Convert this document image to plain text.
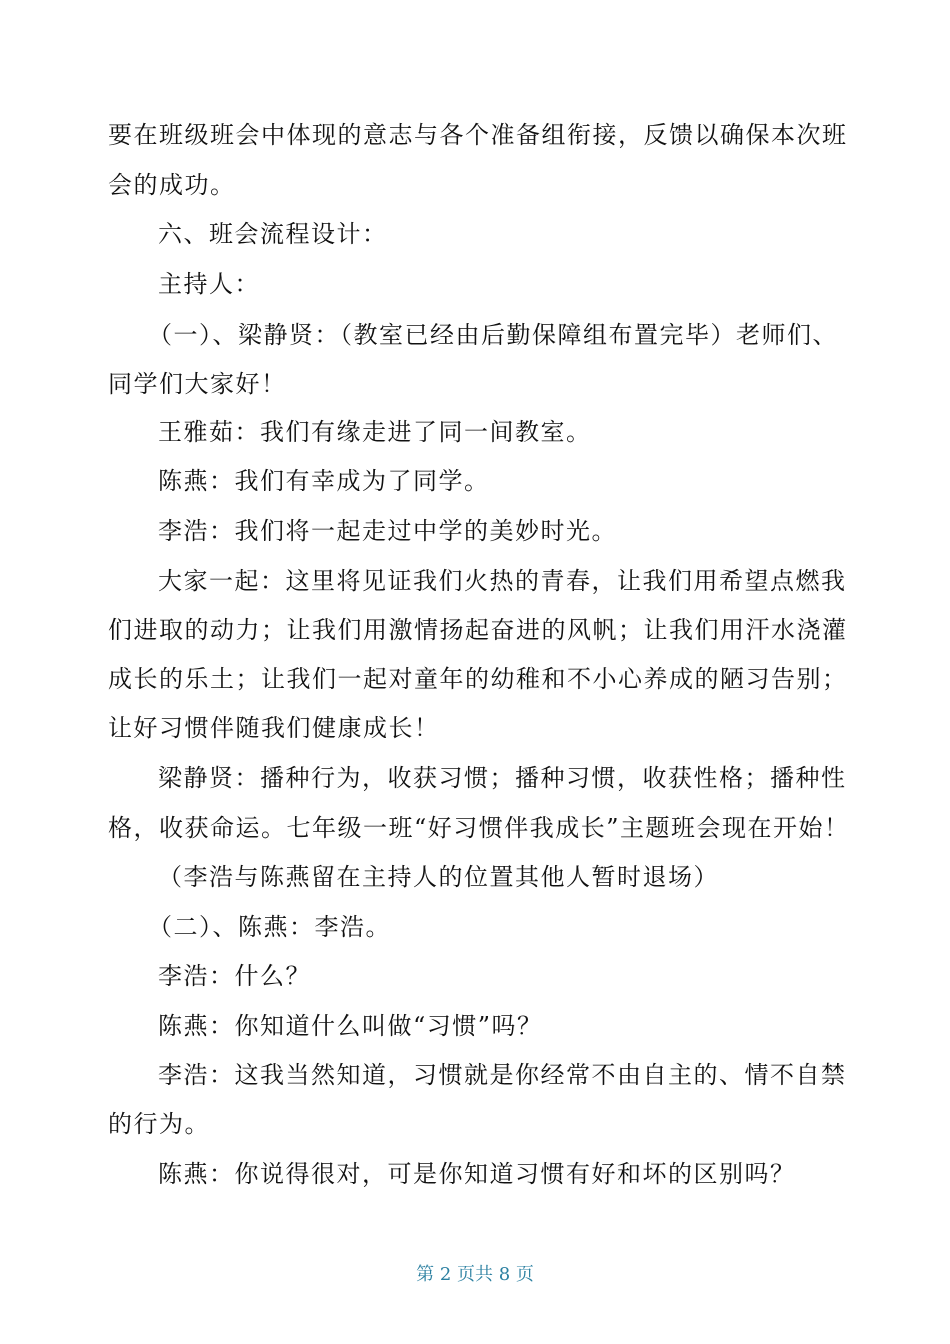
要在班级班会中体现的意志与各个准备组衔接，反馈以确保本次班
会的成功。
六、班会流程设计：
主持人：
（一）、梁静贤：（教室已经由后勤保障组布置完毕）老师们、
同学们大家好！
王雅茹：我们有缘走进了同一间教室。
陈燕：我们有幸成为了同学。
李浩：我们将一起走过中学的美妙时光。
大家一起：这里将见证我们火热的青春，让我们用希望点燃我
们进取的动力；让我们用激情扬起奋进的风帆；让我们用汗水浇灌
成长的乐土；让我们一起对童年的幼稚和不小心养成的陋习告别；
让好习惯伴随我们健康成长！
梁静贤：播种行为，收获习惯；播种习惯，收获性格；播种性
格，收获命运。七年级一班“好习惯伴我成长”主题班会现在开始！
（李浩与陈燕留在主持人的位置其他人暂时退场）
（二）、陈燕：李浩。
李浩：什么？
陈燕：你知道什么叫做“习惯”吗？
李浩：这我当然知道，习惯就是你经常不由自主的、情不自禁
的行为。
陈燕：你说得很对，可是你知道习惯有好和坏的区别吗？
第 2 页共 8 页
